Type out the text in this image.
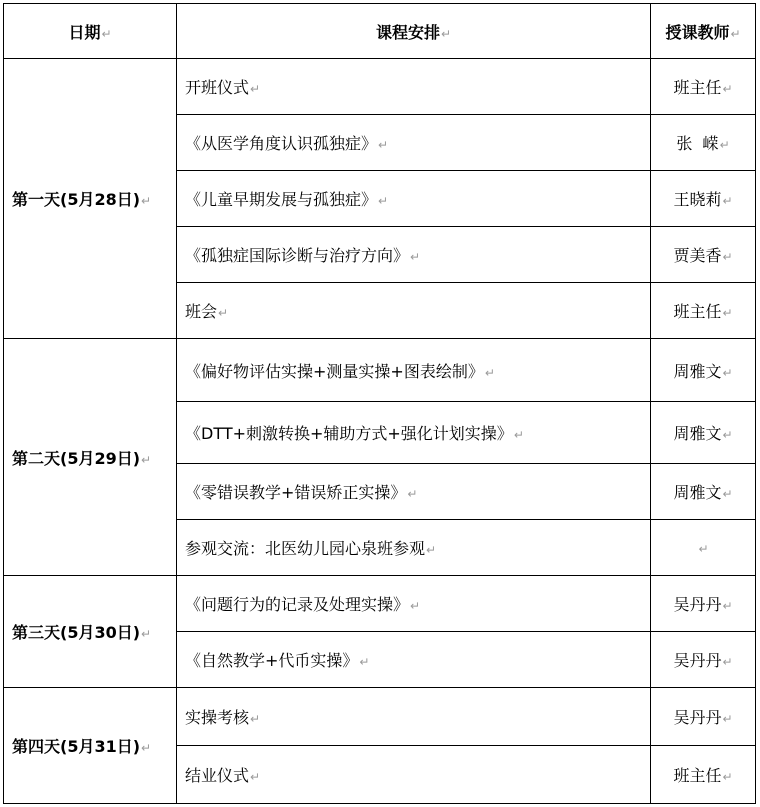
日期↵	课程安排↵	授课教师↵
第一天(5月28日)↵	开班仪式↵	班主任↵
	《从医学角度认识孤独症》↵	张  嵘↵
	《儿童早期发展与孤独症》↵	王晓莉↵
	《孤独症国际诊断与治疗方向》↵	贾美香↵
	班会↵	班主任↵
第二天(5月29日)↵	《偏好物评估实操+测量实操+图表绘制》↵	周雅文↵
	《DTT+刺激转换+辅助方式+强化计划实操》↵	周雅文↵
	《零错误教学+错误矫正实操》↵	周雅文↵
	参观交流：北医幼儿园心泉班参观↵	↵
第三天(5月30日)↵	《问题行为的记录及处理实操》↵	吴丹丹↵
	《自然教学+代币实操》↵	吴丹丹↵
第四天(5月31日)↵	实操考核↵	吴丹丹↵
	结业仪式↵	班主任↵
